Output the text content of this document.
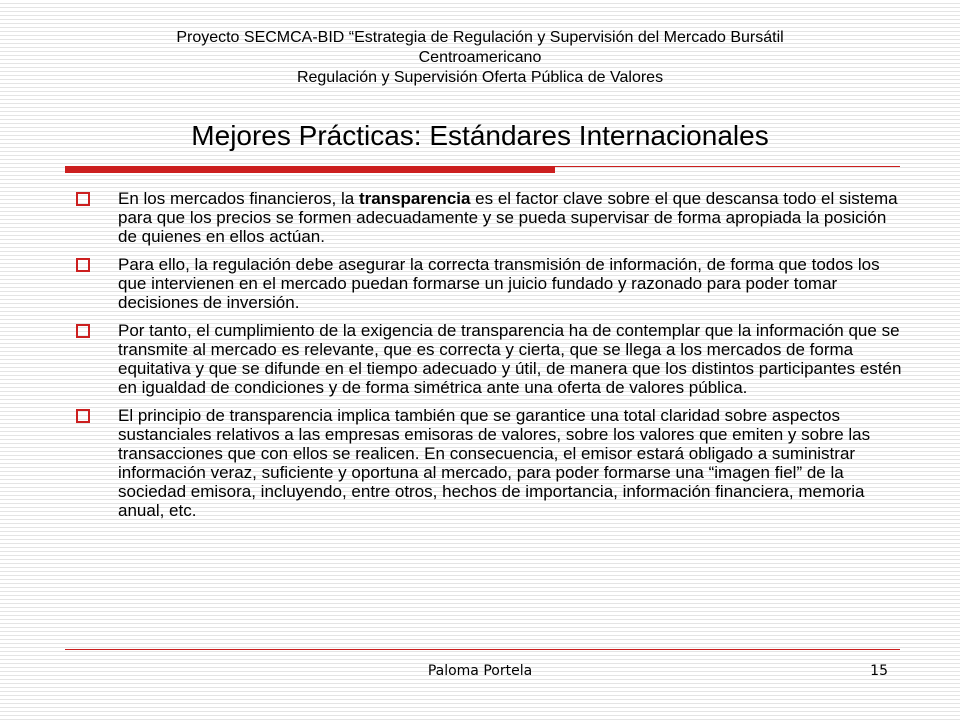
Proyecto SECMCA-BID “Estrategia de Regulación y Supervisión del Mercado Bursátil
Centroamericano
Regulación y Supervisión Oferta Pública de Valores
Mejores Prácticas: Estándares Internacionales
En los mercados financieros, la transparencia es el factor clave sobre el que descansa todo el sistema para que los precios se formen adecuadamente y se pueda supervisar de forma apropiada la posición de quienes en ellos actúan.
Para ello, la regulación debe asegurar la correcta transmisión de información, de forma que todos los que intervienen en el mercado puedan formarse un juicio fundado y razonado para poder tomar decisiones de inversión.
Por tanto, el cumplimiento de la exigencia de transparencia ha de contemplar que la información que se transmite al mercado es relevante, que es correcta y cierta, que se llega a los mercados de forma equitativa y que se difunde en el tiempo adecuado y útil, de manera que los distintos participantes estén en igualdad de condiciones y de forma simétrica ante una oferta de valores pública.
El principio de transparencia implica también que se garantice una total claridad sobre aspectos sustanciales relativos a las empresas emisoras de valores, sobre los valores que emiten y sobre las transacciones que con ellos se realicen. En consecuencia, el emisor estará obligado a suministrar información veraz, suficiente y oportuna al mercado, para poder formarse una “imagen fiel” de la sociedad emisora, incluyendo, entre otros, hechos de importancia, información financiera, memoria anual, etc.
Paloma Portela	15
